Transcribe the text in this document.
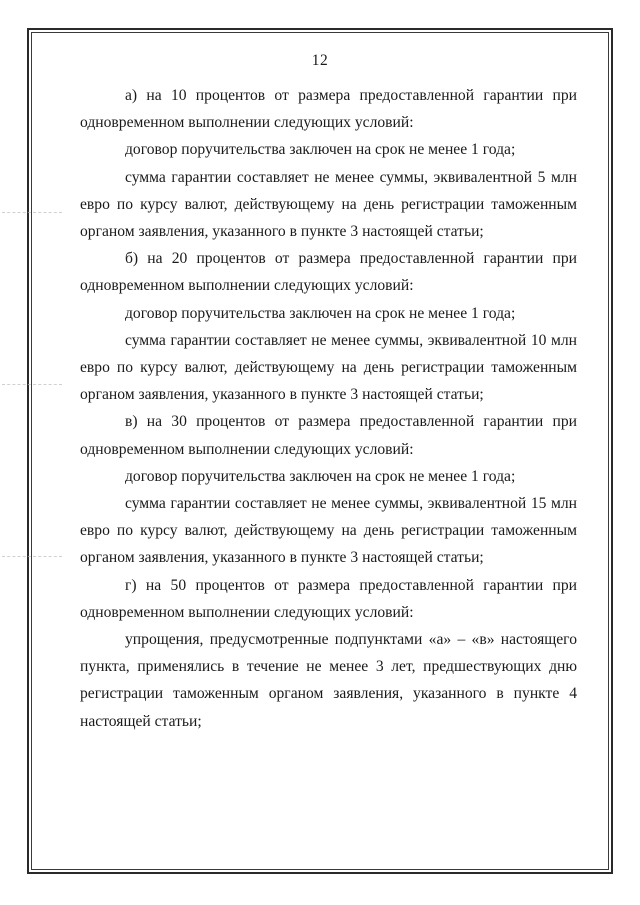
12

а) на 10 процентов от размера предоставленной гарантии при одновременном выполнении следующих условий:

договор поручительства заключен на срок не менее 1 года;

сумма гарантии составляет не менее суммы, эквивалентной 5 млн евро по курсу валют, действующему на день регистрации таможенным органом заявления, указанного в пункте 3 настоящей статьи;

б) на 20 процентов от размера предоставленной гарантии при одновременном выполнении следующих условий:

договор поручительства заключен на срок не менее 1 года;

сумма гарантии составляет не менее суммы, эквивалентной 10 млн евро по курсу валют, действующему на день регистрации таможенным органом заявления, указанного в пункте 3 настоящей статьи;

в) на 30 процентов от размера предоставленной гарантии при одновременном выполнении следующих условий:

договор поручительства заключен на срок не менее 1 года;

сумма гарантии составляет не менее суммы, эквивалентной 15 млн евро по курсу валют, действующему на день регистрации таможенным органом заявления, указанного в пункте 3 настоящей статьи;

г) на 50 процентов от размера предоставленной гарантии при одновременном выполнении следующих условий:

упрощения, предусмотренные подпунктами «а» – «в» настоящего пункта, применялись в течение не менее 3 лет, предшествующих дню регистрации таможенным органом заявления, указанного в пункте 4 настоящей статьи;
